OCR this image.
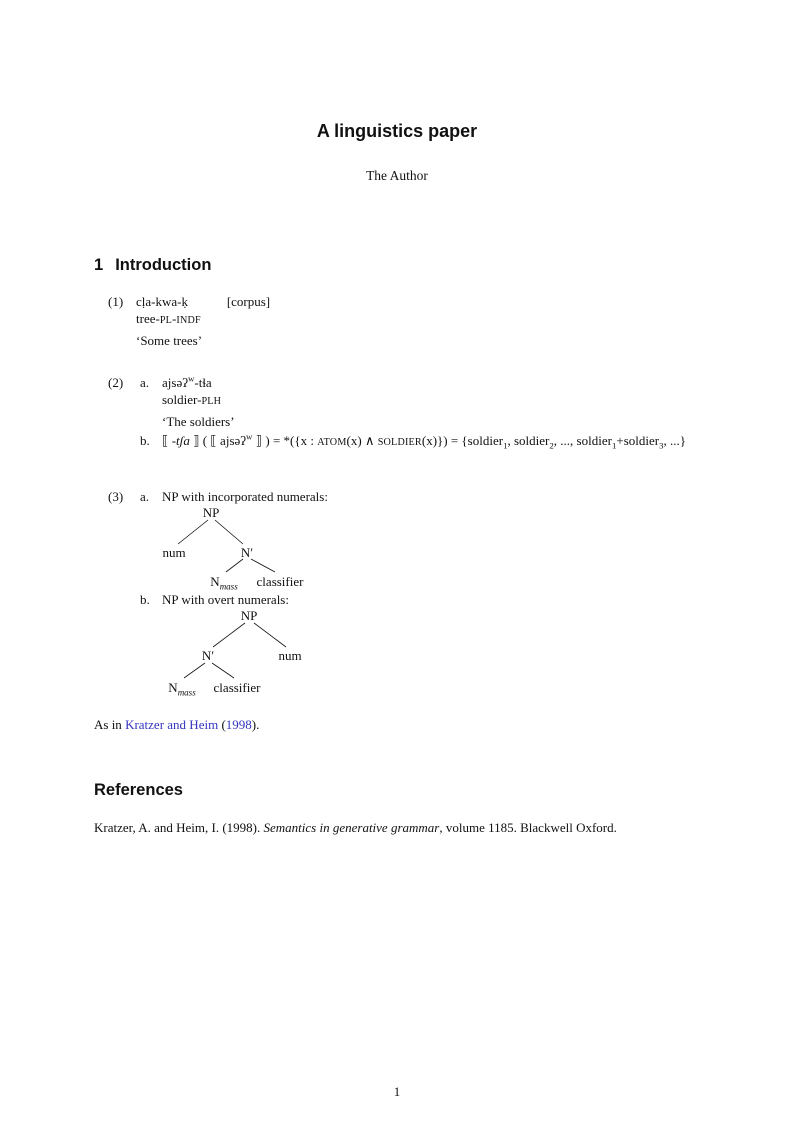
A linguistics paper
The Author
1 Introduction
(1) cḷa-kwa-ḳ
tree-PL-INDF
[corpus]
‘Some trees’
(2)	a. ajsəʔ$^w$-tɬa
soldier-PLH
‘The soldiers’
b. ⟦ -tʃa ⟧ ( ⟦ ajsəʔ$^w$ ⟧ ) = *({x : ATOM(x) ∧ SOLDIER(x)}) = {soldier$_1$, soldier$_2$, ..., soldier$_1$+soldier$_3$, ...}
(3)	a. NP with incorporated numerals:
NP
num	N′
$N_{mass}$ classifier
b. NP with overt numerals:
NP
N′	num
$N_{mass}$ classifier
As in Kratzer and Heim (1998).
References
Kratzer, A. and Heim, I. (1998). Semantics in generative grammar, volume 1185. Blackwell Oxford.
1
